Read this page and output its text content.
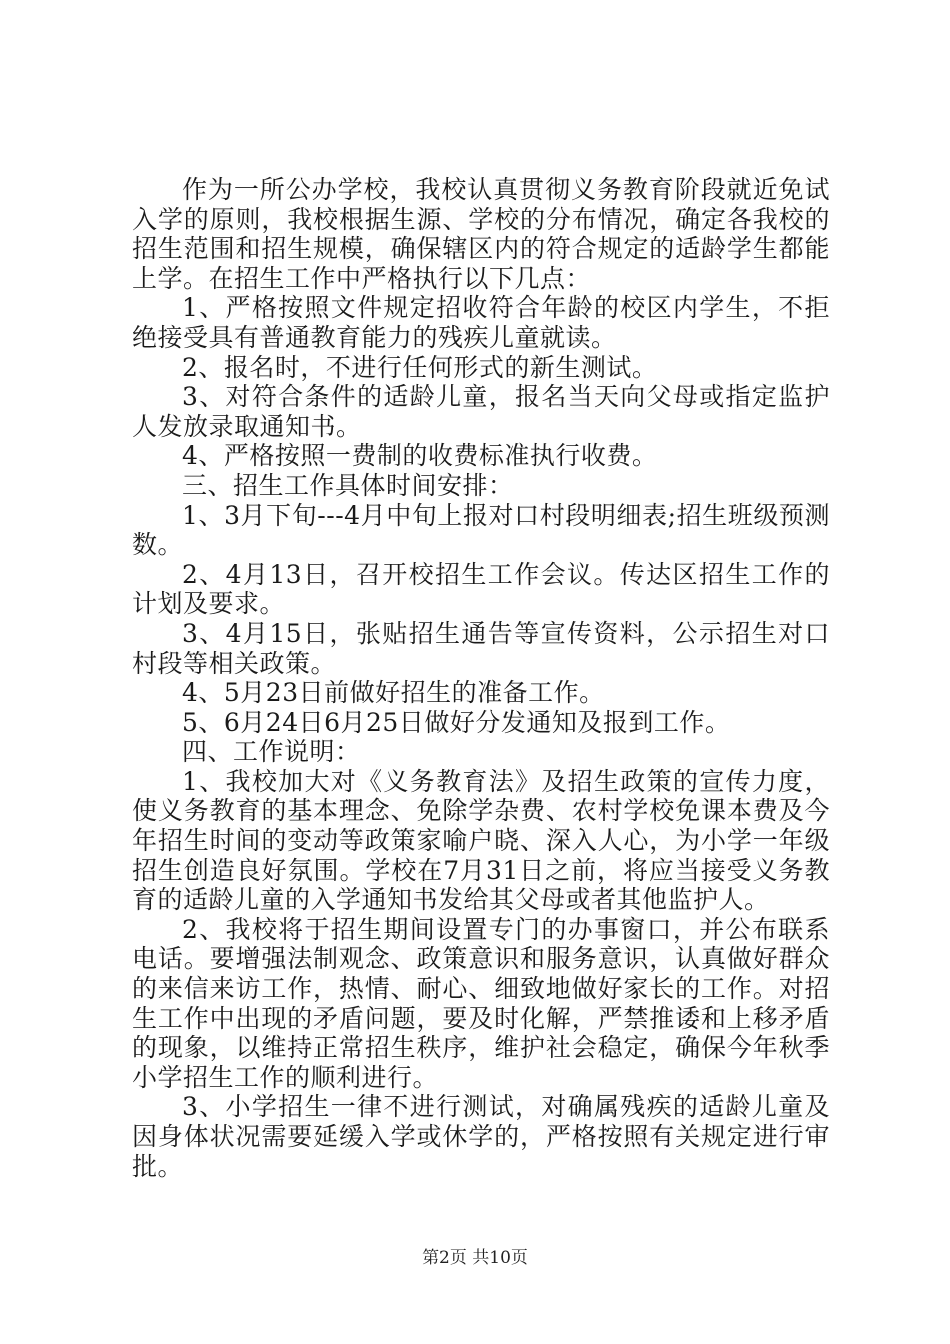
作为一所公办学校，我校认真贯彻义务教育阶段就近免试入学的原则，我校根据生源、学校的分布情况，确定各我校的招生范围和招生规模，确保辖区内的符合规定的适龄学生都能上学。在招生工作中严格执行以下几点：

1、严格按照文件规定招收符合年龄的校区内学生，不拒绝接受具有普通教育能力的残疾儿童就读。

2、报名时，不进行任何形式的新生测试。

3、对符合条件的适龄儿童，报名当天向父母或指定监护人发放录取通知书。

4、严格按照一费制的收费标准执行收费。

三、招生工作具体时间安排：

1、3月下旬---4月中旬上报对口村段明细表;招生班级预测数。

2、4月13日，召开校招生工作会议。传达区招生工作的计划及要求。

3、4月15日，张贴招生通告等宣传资料，公示招生对口村段等相关政策。

4、5月23日前做好招生的准备工作。

5、6月24日6月25日做好分发通知及报到工作。

四、工作说明：

1、我校加大对《义务教育法》及招生政策的宣传力度，使义务教育的基本理念、免除学杂费、农村学校免课本费及今年招生时间的变动等政策家喻户晓、深入人心，为小学一年级招生创造良好氛围。学校在7月31日之前，将应当接受义务教育的适龄儿童的入学通知书发给其父母或者其他监护人。

2、我校将于招生期间设置专门的办事窗口，并公布联系电话。要增强法制观念、政策意识和服务意识，认真做好群众的来信来访工作，热情、耐心、细致地做好家长的工作。对招生工作中出现的矛盾问题，要及时化解，严禁推诿和上移矛盾的现象，以维持正常招生秩序，维护社会稳定，确保今年秋季小学招生工作的顺利进行。

3、小学招生一律不进行测试，对确属残疾的适龄儿童及因身体状况需要延缓入学或休学的，严格按照有关规定进行审批。

第2页 共10页
